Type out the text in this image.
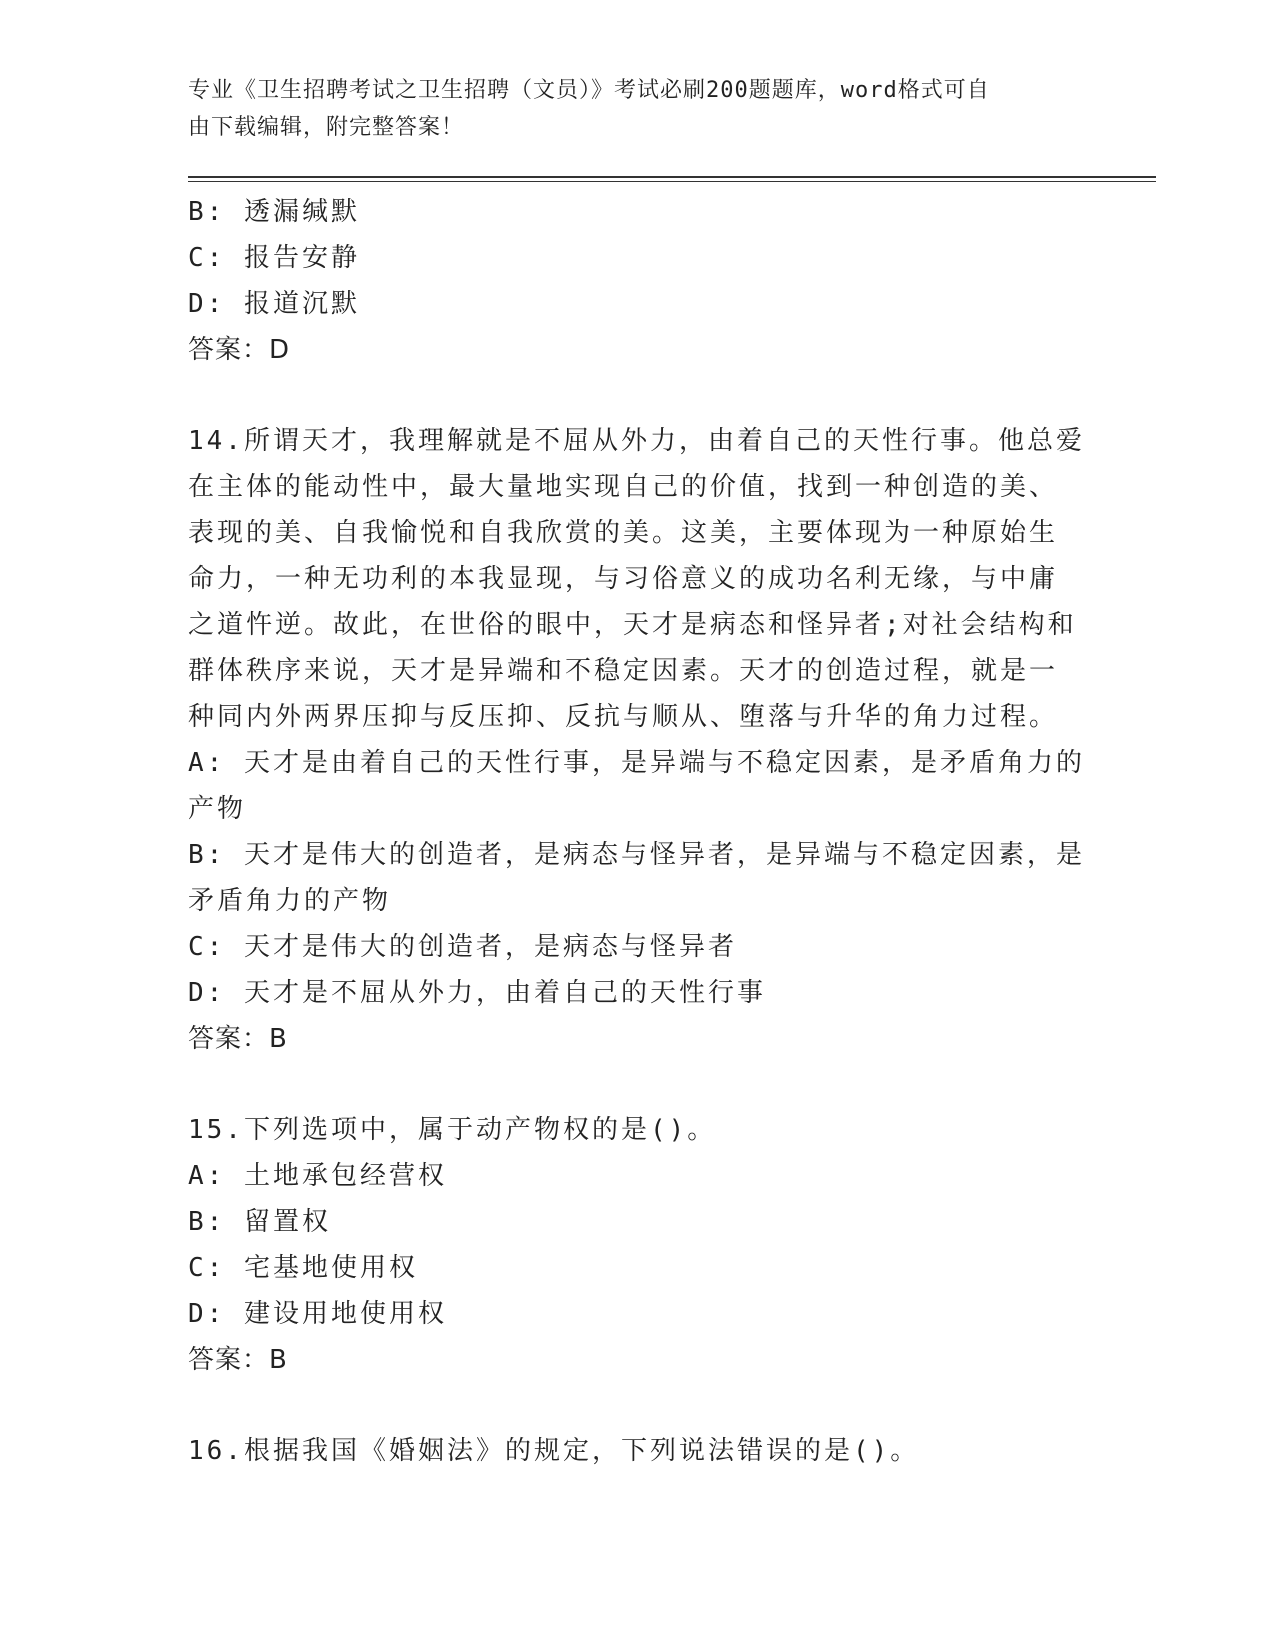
专业《卫生招聘考试之卫生招聘（文员）》考试必刷200题题库，word格式可自
由下载编辑，附完整答案！
B: 透漏缄默
C: 报告安静
D: 报道沉默
答案：D
14.所谓天才，我理解就是不屈从外力，由着自己的天性行事。他总爱
在主体的能动性中，最大量地实现自己的价值，找到一种创造的美、
表现的美、自我愉悦和自我欣赏的美。这美，主要体现为一种原始生
命力，一种无功利的本我显现，与习俗意义的成功名利无缘，与中庸
之道忤逆。故此，在世俗的眼中，天才是病态和怪异者;对社会结构和
群体秩序来说，天才是异端和不稳定因素。天才的创造过程，就是一
种同内外两界压抑与反压抑、反抗与顺从、堕落与升华的角力过程。
A: 天才是由着自己的天性行事，是异端与不稳定因素，是矛盾角力的
产物
B: 天才是伟大的创造者，是病态与怪异者，是异端与不稳定因素，是
矛盾角力的产物
C: 天才是伟大的创造者，是病态与怪异者
D: 天才是不屈从外力，由着自己的天性行事
答案：B
15.下列选项中，属于动产物权的是()。
A: 土地承包经营权
B: 留置权
C: 宅基地使用权
D: 建设用地使用权
答案：B
16.根据我国《婚姻法》的规定，下列说法错误的是()。
